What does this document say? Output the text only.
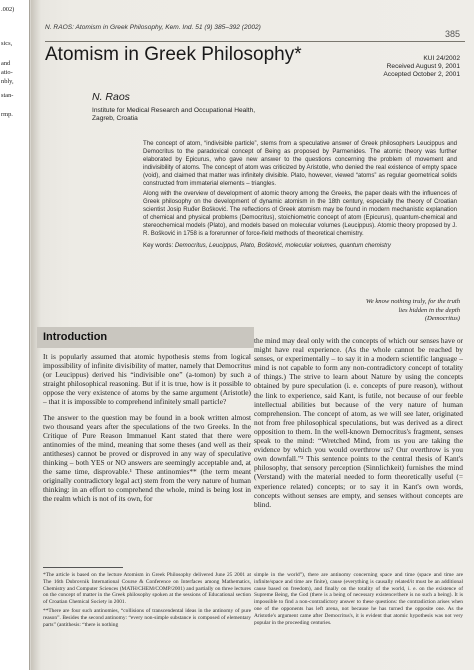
.002)
sics,
and
atio-
nbly,
stan-
rmp.
N. RAOS: Atomism in Greek Philosophy, Kem. Ind. 51 (9) 385–392 (2002)
385
Atomism in Greek Philosophy*	KUI 24/2002
Received August 9, 2001
Accepted October 2, 2001
N. Raos
Institute for Medical Research and Occupational Health,
Zagreb, Croatia

The concept of atom, “indivisible particle”, stems from a speculative answer of Greek philosophers Leucippus and Democritus to the paradoxical concept of Being as proposed by Parmenides. The atomic theory was further elaborated by Epicurus, who gave new answer to the questions concerning the problem of movement and indivisibility of atoms. The concept of atom was criticized by Aristotle, who denied the real existence of empty space (void), and claimed that matter was infinitely divisible. Plato, however, viewed “atoms” as regular geometrical solids constructed from immaterial elements – triangles.

Along with the overview of development of atomic theory among the Greeks, the paper deals with the influences of Greek philosophy on the development of dynamic atomism in the 18th century, especially the theory of Croatian scientist Josip Ruđer Bošković. The reflections of Greek atomism may be found in modern mechanistic explanation of chemical and physical problems (Democritus), stoichiometric concept of atom (Epicurus), quantum-chemical and stereochemical models (Plato), and models based on molecular volumes (Leucippus). Atomic theory proposed by J. R. Bošković in 1758 is a forerunner of force-field methods of theoretical chemistry.

Key words: Democritus, Leucippus, Plato, Bošković, molecular volumes, quantum chemistry
We know nothing truly, for the truth
lies hidden in the depth
(Democritus)
Introduction

It is popularly assumed that atomic hypothesis stems from logical impossibility of infinite divisibility of matter, namely that Democritus (or Leucippus) derived his “indivisible one” (a-tomon) by such a straight philosophical reasoning. But if it is true, how is it possible to oppose the very existence of atoms by the same argument (Aristotle) – that it is impossible to comprehend infinitely small particle?

The answer to the question may be found in a book written almost two thousand years after the speculations of the two Greeks. In the Critique of Pure Reason Immanuel Kant stated that there were antinomies of the mind, meaning that some theses (and well as their antitheses) cannot be proved or disproved in any way of speculative thinking – both YES or NO answers are seemingly acceptable and, at the same time, disprovable.¹ These antinomies** (the term meant originally contradictory legal act) stem from the very nature of human thinking: in an effort to comprehend the whole, mind is being lost in the realm which is not of its own, for

the mind may deal only with the concepts of which our senses have or might have real experience. (As the whole cannot be reached by senses, or experimentally – to say it in a modern scientific language – mind is not capable to form any non-contradictory concept of totality of things.) The strive to learn about Nature by using the concepts obtained by pure speculation (i. e. concepts of pure reason), without the link to experience, said Kant, is futile, not because of our feeble intellectual abilities but because of the very nature of human comprehension. The concept of atom, as we will see later, originated not from free philosophical speculations, but was derived as a direct opposition to them. In the well-known Democritus's fragment, senses speak to the mind: “Wretched Mind, from us you are taking the evidence by which you would overthrow us? Our overthrow is you own downfall.”² This sentence points to the central thesis of Kant's philosophy, that sensory perception (Sinnlichkeit) furnishes the mind (Verstand) with the material needed to form theoretically useful (= experience related) concepts; or to say it in Kant's own words, concepts without senses are empty, and senses without concepts are blind.

*The article is based on the lecture Atomism in Greek Philosophy delivered June 25 2001 at The 16th Dubrovnik International Course & Conference on Interfaces among Mathematics, Chemistry and Computer Sciences (MATH/CHEM/COMP/2001) and partially on three lectures on the concept of matter in the Greek philosophy spoken at the sessions of Educational section of Croatian Chemical Society in 2001.

**There are four such antinomies, “collisions of transcendental ideas in the antinomy of pure reason”. Besides the second antinomy: “every non-simple substance is composed of elementary parts” (antithesis: “there is nothing

simple in the world”), there are antinomy concerning space and time (space and time are infinite/space and time are finite), cause (everything is causally related/it must be an additional cause based on freedom), and finally on the totality of the world, i. e. on the existence of Supreme Being, the God (there is a being of necessary existence/there is no such a being). It is impossible to find a non-contradictory answer to these questions: the contradiction arises when one of the opponents has left arena, not because he has turned the opposite one. As the Aristotle's argument came after Democritus's, it is evident that atomic hypothesis was not very popular in the proceeding centuries.
